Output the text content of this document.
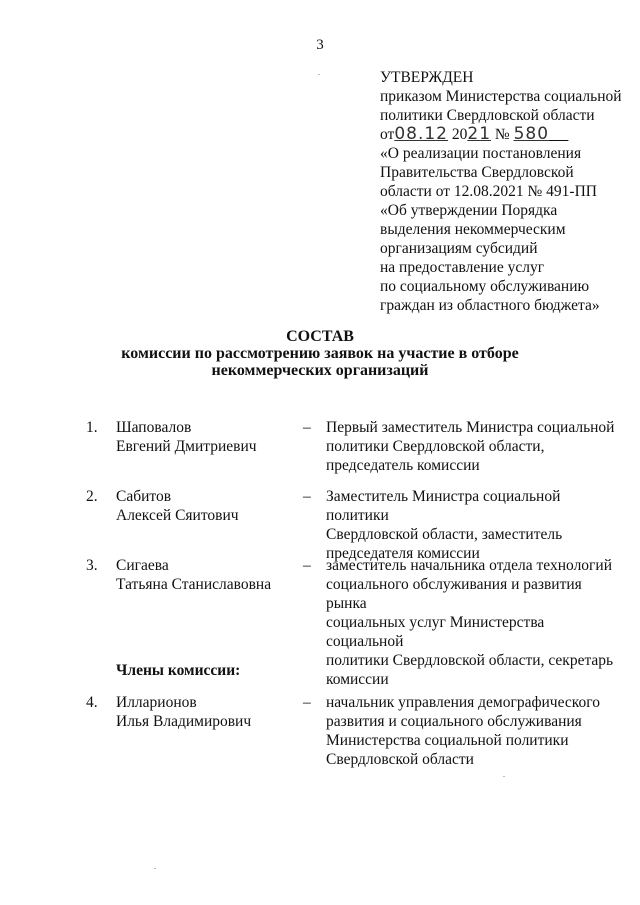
3
УТВЕРЖДЕН
приказом Министерства социальной
политики Свердловской области
от08.12 2021 № 580
«О реализации постановления
Правительства Свердловской
области от 12.08.2021 № 491-ПП
«Об утверждении Порядка
выделения некоммерческим
организациям субсидий
на предоставление услуг
по социальному обслуживанию
граждан из областного бюджета»
СОСТАВ
комиссии по рассмотрению заявок на участие в отборе
некоммерческих организаций
1.	Шаповалов
Евгений Дмитриевич
– Первый заместитель Министра социальной
политики Свердловской области,
председатель комиссии
2.	Сабитов
Алексей Сяитович
– Заместитель Министра социальной политики
Свердловской области, заместитель
председателя комиссии
3.	Сигаева
Татьяна Станиславовна
– заместитель начальника отдела технологий
социального обслуживания и развития рынка
социальных услуг Министерства социальной
политики Свердловской области, секретарь
комиссии
Члены комиссии:
4.	Илларионов
Илья Владимирович
– начальник управления демографического
развития и социального обслуживания
Министерства социальной политики
Свердловской области
